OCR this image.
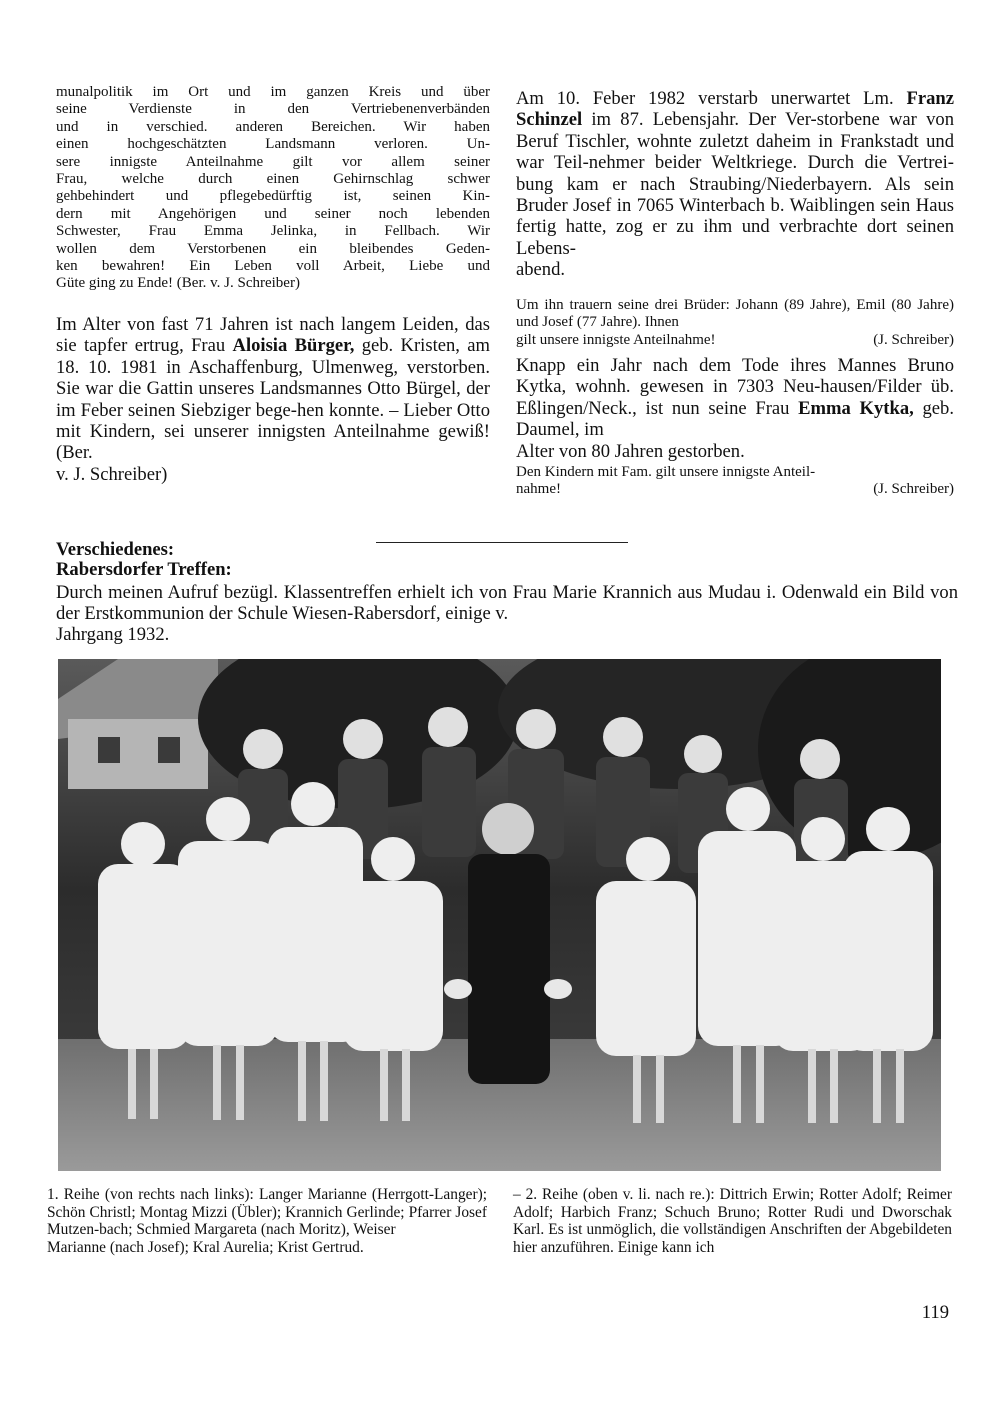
munalpolitik im Ort und im ganzen Kreis und über
seine Verdienste in den Vertriebenenverbänden
und in verschied. anderen Bereichen. Wir haben
einen hochgeschätzten Landsmann verloren. Un-
sere innigste Anteilnahme gilt vor allem seiner
Frau, welche durch einen Gehirnschlag schwer
gehbehindert und pflegebedürftig ist, seinen Kin-
dern mit Angehörigen und seiner noch lebenden
Schwester, Frau Emma Jelinka, in Fellbach. Wir
wollen dem Verstorbenen ein bleibendes Geden-
ken bewahren! Ein Leben voll Arbeit, Liebe und
Güte ging zu Ende! (Ber. v. J. Schreiber)

Im Alter von fast 71 Jahren ist nach langem Leiden, das sie tapfer ertrug, Frau Aloisia Bürger, geb. Kristen, am 18. 10. 1981 in Aschaffenburg, Ulmenweg, verstorben. Sie war die Gattin unseres Landsmannes Otto Bürgel, der im Feber seinen Siebziger bege-hen konnte. – Lieber Otto mit Kindern, sei unserer innigsten Anteilnahme gewiß! (Ber.

v. J. Schreiber)

Am 10. Feber 1982 verstarb unerwartet Lm. Franz Schinzel im 87. Lebensjahr. Der Ver-storbene war von Beruf Tischler, wohnte zuletzt daheim in Frankstadt und war Teil-nehmer beider Weltkriege. Durch die Vertrei-bung kam er nach Straubing/Niederbayern. Als sein Bruder Josef in 7065 Winterbach b. Waiblingen sein Haus fertig hatte, zog er zu ihm und verbrachte dort seinen Lebens-

abend.

Um ihn trauern seine drei Brüder: Johann (89 Jahre), Emil (80 Jahre) und Josef (77 Jahre). Ihnen

gilt unsere innigste Anteilnahme!	(J. Schreiber)

Knapp ein Jahr nach dem Tode ihres Mannes Bruno Kytka, wohnh. gewesen in 7303 Neu-hausen/Filder üb. Eßlingen/Neck., ist nun seine Frau Emma Kytka, geb. Daumel, im

Alter von 80 Jahren gestorben.

Den Kindern mit Fam. gilt unsere innigste Anteil-

nahme!	(J. Schreiber)
Verschiedenes:
Rabersdorfer Treffen:

Durch meinen Aufruf bezügl. Klassentreffen erhielt ich von Frau Marie Krannich aus Mudau i. Odenwald ein Bild von der Erstkommunion der Schule Wiesen-Rabersdorf, einige v.

Jahrgang 1932.

1. Reihe (von rechts nach links): Langer Marianne (Herrgott-Langer); Schön Christl; Montag Mizzi (Übler); Krannich Gerlinde; Pfarrer Josef Mutzen-bach; Schmied Margareta (nach Moritz), Weiser

Marianne (nach Josef); Kral Aurelia; Krist Gertrud.

– 2. Reihe (oben v. li. nach re.): Dittrich Erwin; Rotter Adolf; Reimer Adolf; Harbich Franz; Schuch Bruno; Rotter Rudi und Dworschak Karl. Es ist unmöglich, die vollständigen Anschriften der Abgebildeten hier anzuführen. Einige kann ich

119
